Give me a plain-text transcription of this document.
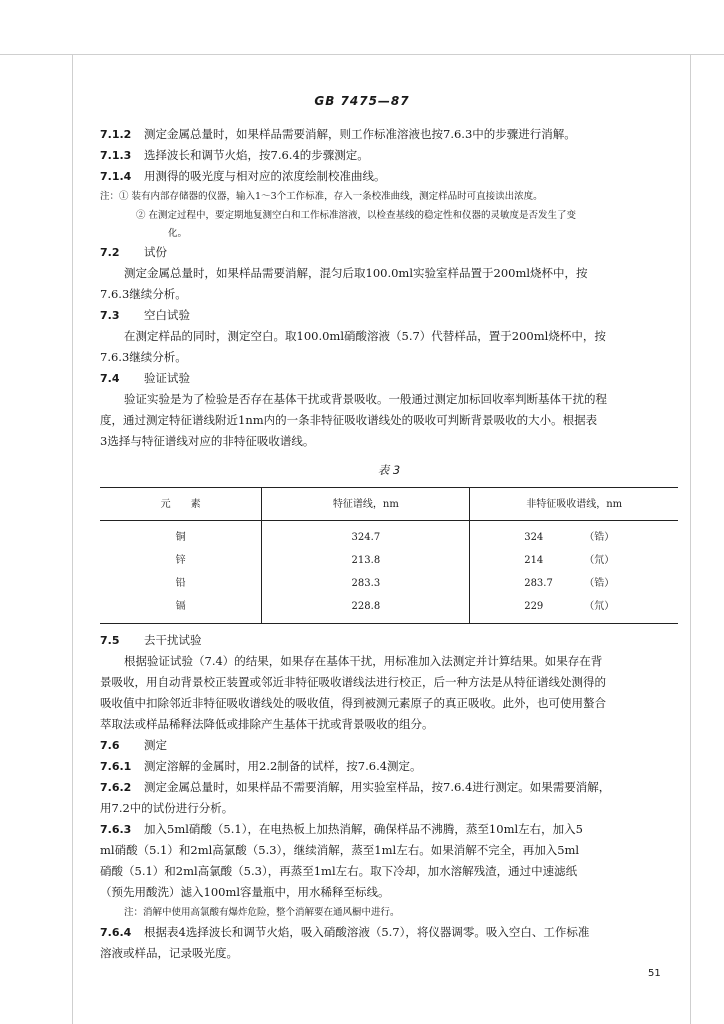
GB 7475—87

7.1.2 测定金属总量时，如果样品需要消解，则工作标准溶液也按7.6.3中的步骤进行消解。

7.1.3 选择波长和调节火焰，按7.6.4的步骤测定。

7.1.4 用测得的吸光度与相对应的浓度绘制校准曲线。

注：① 装有内部存储器的仪器，输入1～3个工作标准，存入一条校准曲线，测定样品时可直接读出浓度。

② 在测定过程中，要定期地复测空白和工作标准溶液，以检查基线的稳定性和仪器的灵敏度是否发生了变

化。

7.2 试份

测定金属总量时，如果样品需要消解，混匀后取100.0ml实验室样品置于200ml烧杯中，按

7.6.3继续分析。

7.3 空白试验

在测定样品的同时，测定空白。取100.0ml硝酸溶液（5.7）代替样品，置于200ml烧杯中，按

7.6.3继续分析。

7.4 验证试验

验证实验是为了检验是否存在基体干扰或背景吸收。一般通过测定加标回收率判断基体干扰的程

度，通过测定特征谱线附近1nm内的一条非特征吸收谱线处的吸收可判断背景吸收的大小。根据表

3选择与特征谱线对应的非特征吸收谱线。

表 3
元　　素	特征谱线，nm	非特征吸收谱线，nm
铜	324.7	324 （锆）
锌	213.8	214 （氘）
铅	283.3	283.7 （锆）
镉	228.8	229 （氘）

7.5 去干扰试验

根据验证试验（7.4）的结果，如果存在基体干扰，用标准加入法测定并计算结果。如果存在背

景吸收，用自动背景校正装置或邻近非特征吸收谱线法进行校正，后一种方法是从特征谱线处测得的

吸收值中扣除邻近非特征吸收谱线处的吸收值，得到被测元素原子的真正吸收。此外，也可使用螯合

萃取法或样品稀释法降低或排除产生基体干扰或背景吸收的组分。

7.6 测定

7.6.1 测定溶解的金属时，用2.2制备的试样，按7.6.4测定。

7.6.2 测定金属总量时，如果样品不需要消解，用实验室样品，按7.6.4进行测定。如果需要消解，

用7.2中的试份进行分析。

7.6.3 加入5ml硝酸（5.1），在电热板上加热消解，确保样品不沸腾，蒸至10ml左右，加入5

ml硝酸（5.1）和2ml高氯酸（5.3），继续消解，蒸至1ml左右。如果消解不完全，再加入5ml

硝酸（5.1）和2ml高氯酸（5.3），再蒸至1ml左右。取下冷却，加水溶解残渣，通过中速滤纸

（预先用酸洗）滤入100ml容量瓶中，用水稀释至标线。

注：消解中使用高氯酸有爆炸危险，整个消解要在通风橱中进行。

7.6.4 根据表4选择波长和调节火焰，吸入硝酸溶液（5.7），将仪器调零。吸入空白、工作标准

溶液或样品，记录吸光度。

51
